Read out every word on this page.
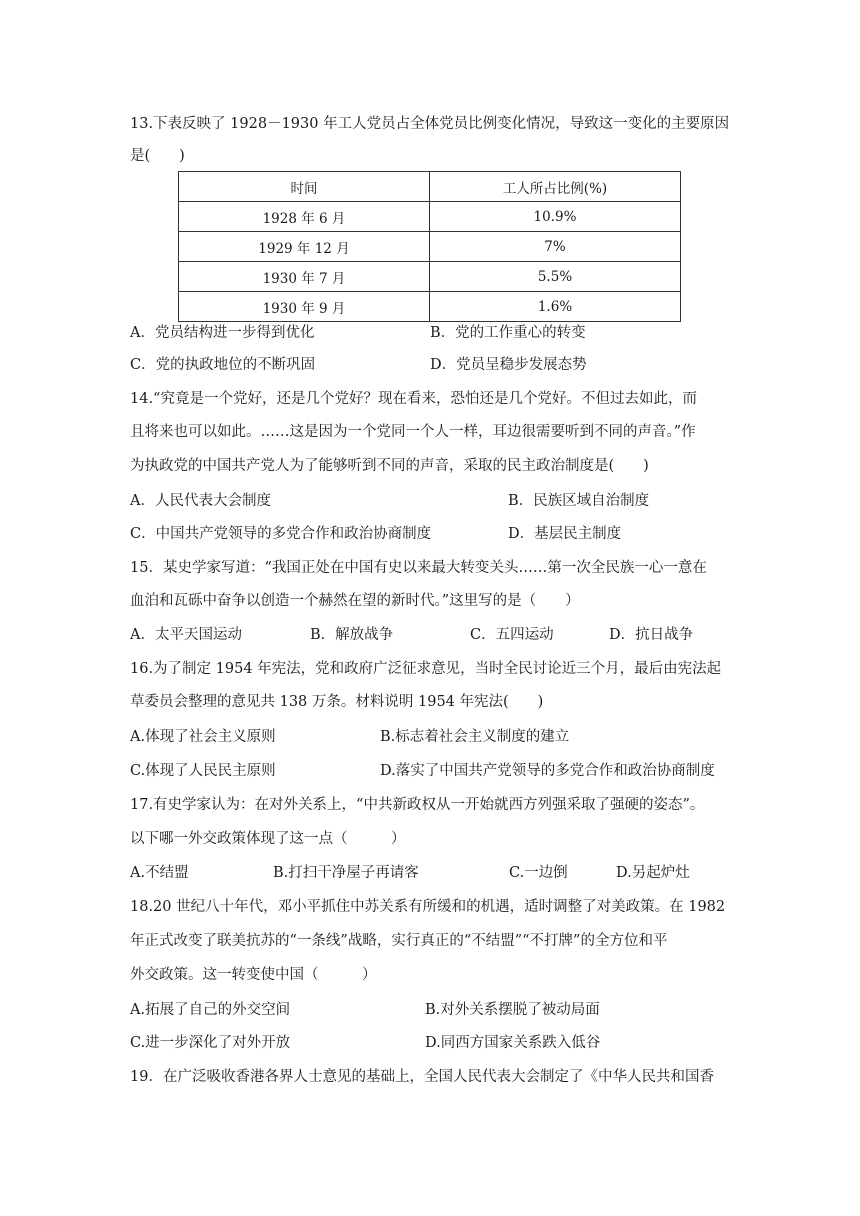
13.下表反映了 1928－1930 年工人党员占全体党员比例变化情况，导致这一变化的主要原因
是(　　)
时间	工人所占比例(%)
1928 年 6 月	10.9%
1929 年 12 月	7%
1930 年 7 月	5.5%
1930 年 9 月	1.6%
A．党员结构进一步得到优化	B．党的工作重心的转变
C．党的执政地位的不断巩固	D．党员呈稳步发展态势
14.“究竟是一个党好，还是几个党好？现在看来，恐怕还是几个党好。不但过去如此，而
且将来也可以如此。……这是因为一个党同一个人一样，耳边很需要听到不同的声音。”作
为执政党的中国共产党人为了能够听到不同的声音，采取的民主政治制度是(　　)
A．人民代表大会制度	B．民族区域自治制度
C．中国共产党领导的多党合作和政治协商制度	D．基层民主制度
15．某史学家写道：“我国正处在中国有史以来最大转变关头……第一次全民族一心一意在
血泊和瓦砾中奋争以创造一个赫然在望的新时代。”这里写的是（　　）
A．太平天国运动	B．解放战争	C．五四运动	D．抗日战争
16.为了制定 1954 年宪法，党和政府广泛征求意见，当时全民讨论近三个月，最后由宪法起
草委员会整理的意见共 138 万条。材料说明 1954 年宪法(　　)
A.体现了社会主义原则	B.标志着社会主义制度的建立
C.体现了人民民主原则	D.落实了中国共产党领导的多党合作和政治协商制度
17.有史学家认为：在对外关系上，“中共新政权从一开始就西方列强采取了强硬的姿态”。
以下哪一外交政策体现了这一点（　　　）
A.不结盟	B.打扫干净屋子再请客	C.一边倒	D.另起炉灶
18.20 世纪八十年代，邓小平抓住中苏关系有所缓和的机遇，适时调整了对美政策。在 1982
年正式改变了联美抗苏的“一条线”战略，实行真正的“不结盟”“不打牌”的全方位和平
外交政策。这一转变使中国（　　　）
A.拓展了自己的外交空间	B.对外关系摆脱了被动局面
C.进一步深化了对外开放	D.同西方国家关系跌入低谷
19．在广泛吸收香港各界人士意见的基础上，全国人民代表大会制定了《中华人民共和国香
